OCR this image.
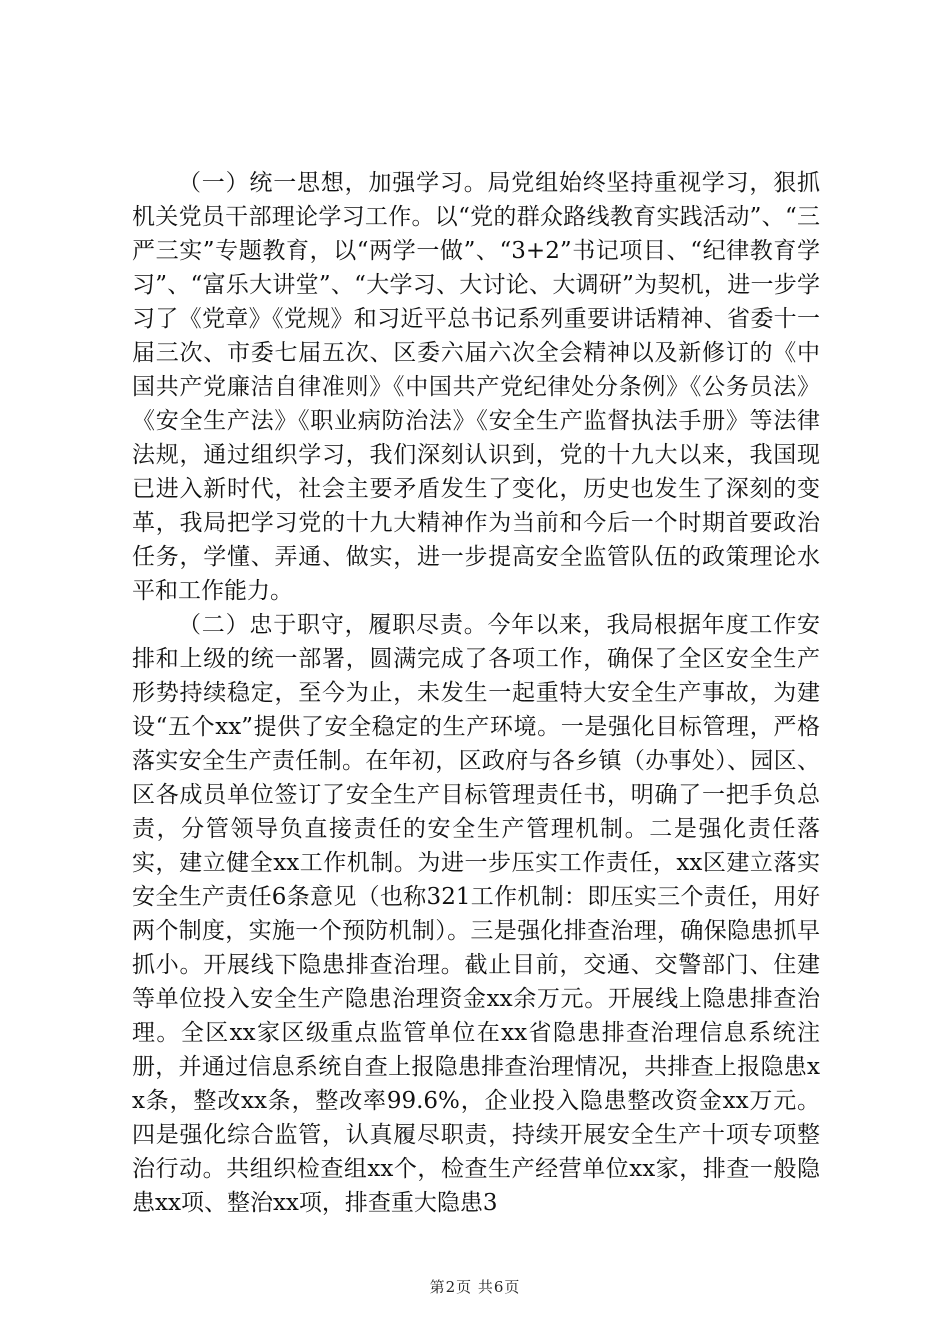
（一）统一思想，加强学习。局党组始终坚持重视学习，狠抓机关党员干部理论学习工作。以“党的群众路线教育实践活动”、“三严三实”专题教育，以“两学一做”、“3+2”书记项目、“纪律教育学习”、“富乐大讲堂”、“大学习、大讨论、大调研”为契机，进一步学习了《党章》《党规》和习近平总书记系列重要讲话精神、省委十一届三次、市委七届五次、区委六届六次全会精神以及新修订的《中国共产党廉洁自律准则》《中国共产党纪律处分条例》《公务员法》《安全生产法》《职业病防治法》《安全生产监督执法手册》等法律法规，通过组织学习，我们深刻认识到，党的十九大以来，我国现已进入新时代，社会主要矛盾发生了变化，历史也发生了深刻的变革，我局把学习党的十九大精神作为当前和今后一个时期首要政治任务，学懂、弄通、做实，进一步提高安全监管队伍的政策理论水平和工作能力。

（二）忠于职守，履职尽责。今年以来，我局根据年度工作安排和上级的统一部署，圆满完成了各项工作，确保了全区安全生产形势持续稳定，至今为止，未发生一起重特大安全生产事故，为建设“五个xx”提供了安全稳定的生产环境。一是强化目标管理，严格落实安全生产责任制。在年初，区政府与各乡镇（办事处）、园区、区各成员单位签订了安全生产目标管理责任书，明确了一把手负总责，分管领导负直接责任的安全生产管理机制。二是强化责任落实，建立健全xx工作机制。为进一步压实工作责任，xx区建立落实安全生产责任6条意见（也称321工作机制：即压实三个责任，用好两个制度，实施一个预防机制）。三是强化排查治理，确保隐患抓早抓小。开展线下隐患排查治理。截止目前，交通、交警部门、住建等单位投入安全生产隐患治理资金xx余万元。开展线上隐患排查治理。全区xx家区级重点监管单位在xx省隐患排查治理信息系统注册，并通过信息系统自查上报隐患排查治理情况，共排查上报隐患xx条，整改xx条，整改率99.6%，企业投入隐患整改资金xx万元。四是强化综合监管，认真履尽职责，持续开展安全生产十项专项整治行动。共组织检查组xx个，检查生产经营单位xx家，排查一般隐患xx项、整治xx项，排查重大隐患3

第2页 共6页
